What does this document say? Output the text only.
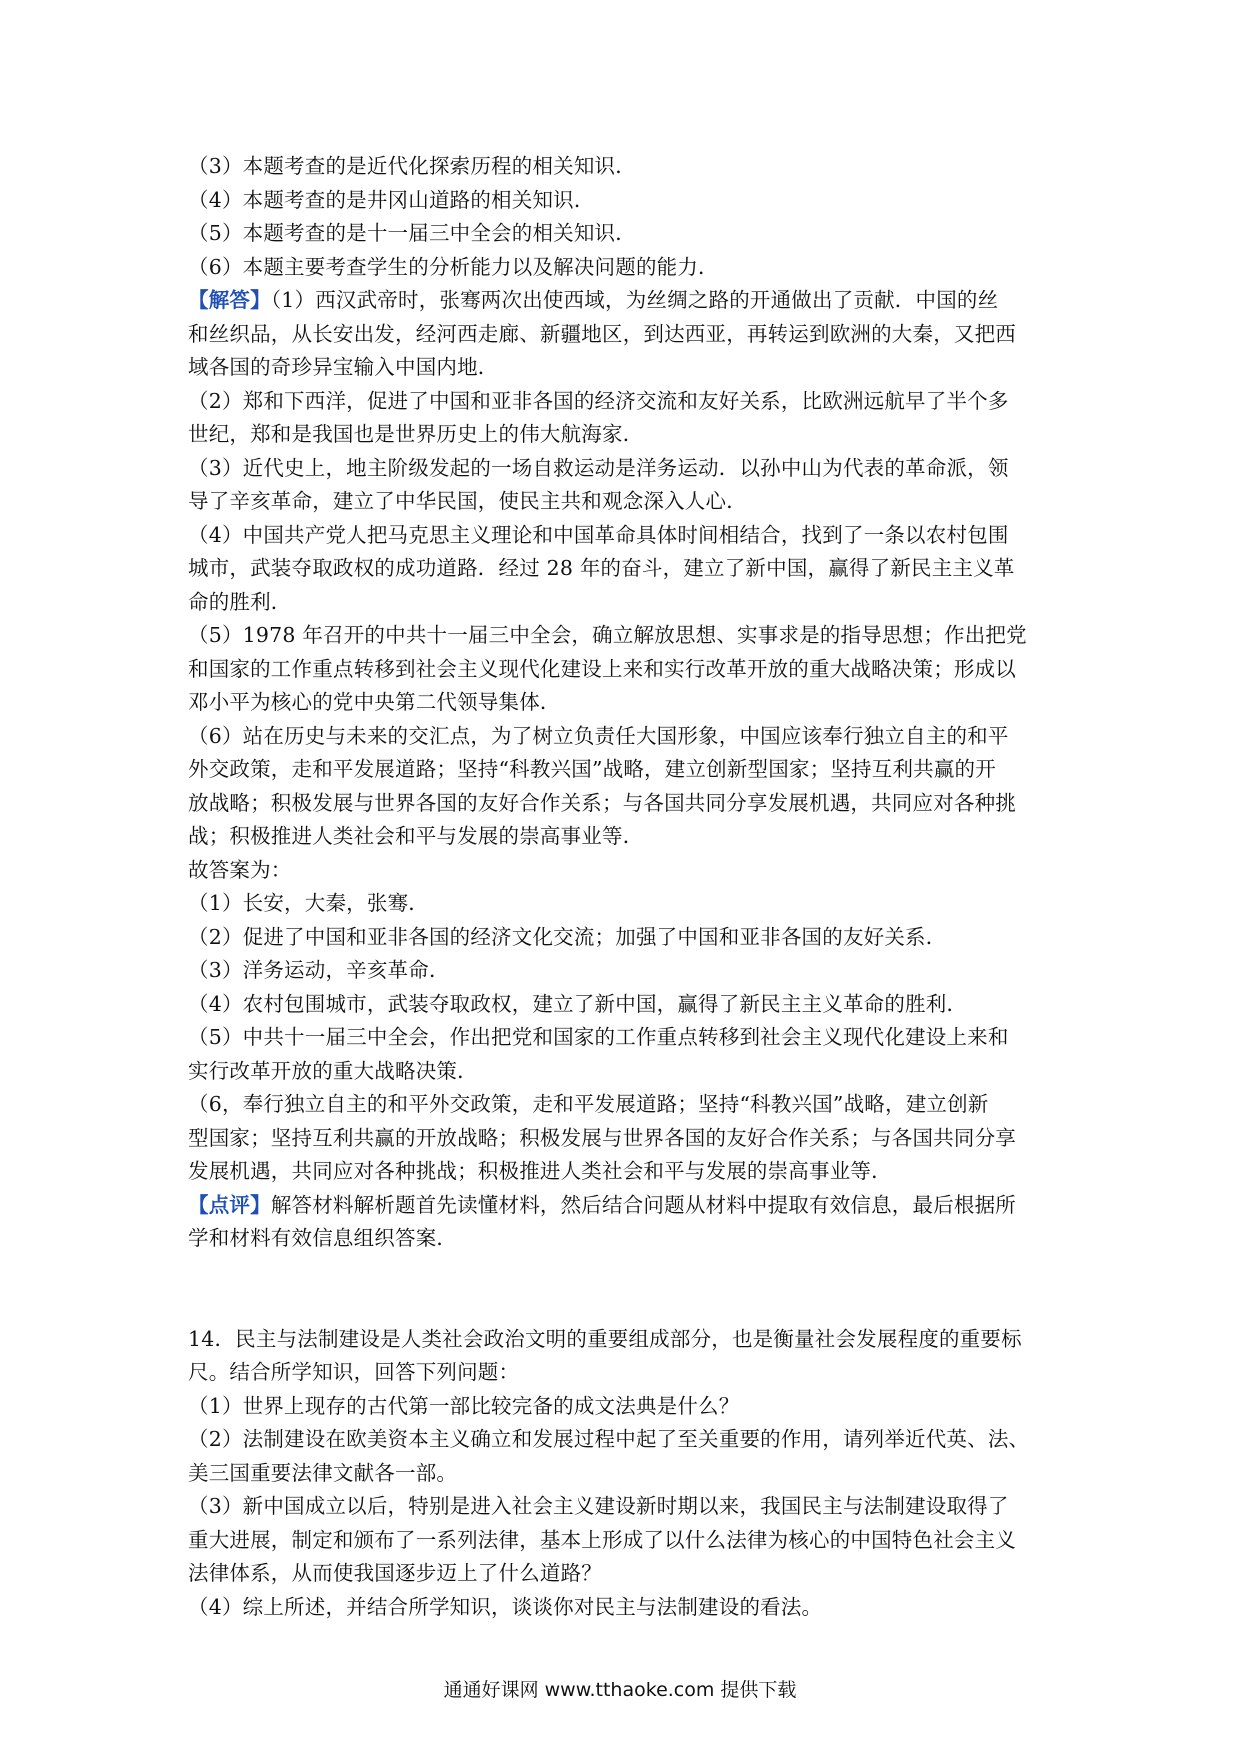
（3）本题考查的是近代化探索历程的相关知识．
（4）本题考查的是井冈山道路的相关知识．
（5）本题考查的是十一届三中全会的相关知识．
（6）本题主要考查学生的分析能力以及解决问题的能力．
【解答】（1）西汉武帝时，张骞两次出使西域，为丝绸之路的开通做出了贡献．中国的丝
和丝织品，从长安出发，经河西走廊、新疆地区，到达西亚，再转运到欧洲的大秦，又把西
域各国的奇珍异宝输入中国内地．
（2）郑和下西洋，促进了中国和亚非各国的经济交流和友好关系，比欧洲远航早了半个多
世纪，郑和是我国也是世界历史上的伟大航海家．
（3）近代史上，地主阶级发起的一场自救运动是洋务运动．以孙中山为代表的革命派，领
导了辛亥革命，建立了中华民国，使民主共和观念深入人心．
（4）中国共产党人把马克思主义理论和中国革命具体时间相结合，找到了一条以农村包围
城市，武装夺取政权的成功道路．经过 28 年的奋斗，建立了新中国，赢得了新民主主义革
命的胜利．
（5）1978 年召开的中共十一届三中全会，确立解放思想、实事求是的指导思想；作出把党
和国家的工作重点转移到社会主义现代化建设上来和实行改革开放的重大战略决策；形成以
邓小平为核心的党中央第二代领导集体．
（6）站在历史与未来的交汇点，为了树立负责任大国形象，中国应该奉行独立自主的和平
外交政策，走和平发展道路；坚持“科教兴国”战略，建立创新型国家；坚持互利共赢的开
放战略；积极发展与世界各国的友好合作关系；与各国共同分享发展机遇，共同应对各种挑
战；积极推进人类社会和平与发展的崇高事业等．
故答案为：
（1）长安，大秦，张骞．
（2）促进了中国和亚非各国的经济文化交流；加强了中国和亚非各国的友好关系．
（3）洋务运动，辛亥革命．
（4）农村包围城市，武装夺取政权，建立了新中国，赢得了新民主主义革命的胜利．
（5）中共十一届三中全会，作出把党和国家的工作重点转移到社会主义现代化建设上来和
实行改革开放的重大战略决策．
（6，奉行独立自主的和平外交政策，走和平发展道路；坚持“科教兴国”战略，建立创新
型国家；坚持互利共赢的开放战略；积极发展与世界各国的友好合作关系；与各国共同分享
发展机遇，共同应对各种挑战；积极推进人类社会和平与发展的崇高事业等．
【点评】解答材料解析题首先读懂材料，然后结合问题从材料中提取有效信息，最后根据所
学和材料有效信息组织答案．
14．民主与法制建设是人类社会政治文明的重要组成部分，也是衡量社会发展程度的重要标
尺。结合所学知识，回答下列问题：
（1）世界上现存的古代第一部比较完备的成文法典是什么？
（2）法制建设在欧美资本主义确立和发展过程中起了至关重要的作用，请列举近代英、法、
美三国重要法律文献各一部。
（3）新中国成立以后，特别是进入社会主义建设新时期以来，我国民主与法制建设取得了
重大进展，制定和颁布了一系列法律，基本上形成了以什么法律为核心的中国特色社会主义
法律体系，从而使我国逐步迈上了什么道路？
（4）综上所述，并结合所学知识，谈谈你对民主与法制建设的看法。
通通好课网 www.tthaoke.com 提供下载
